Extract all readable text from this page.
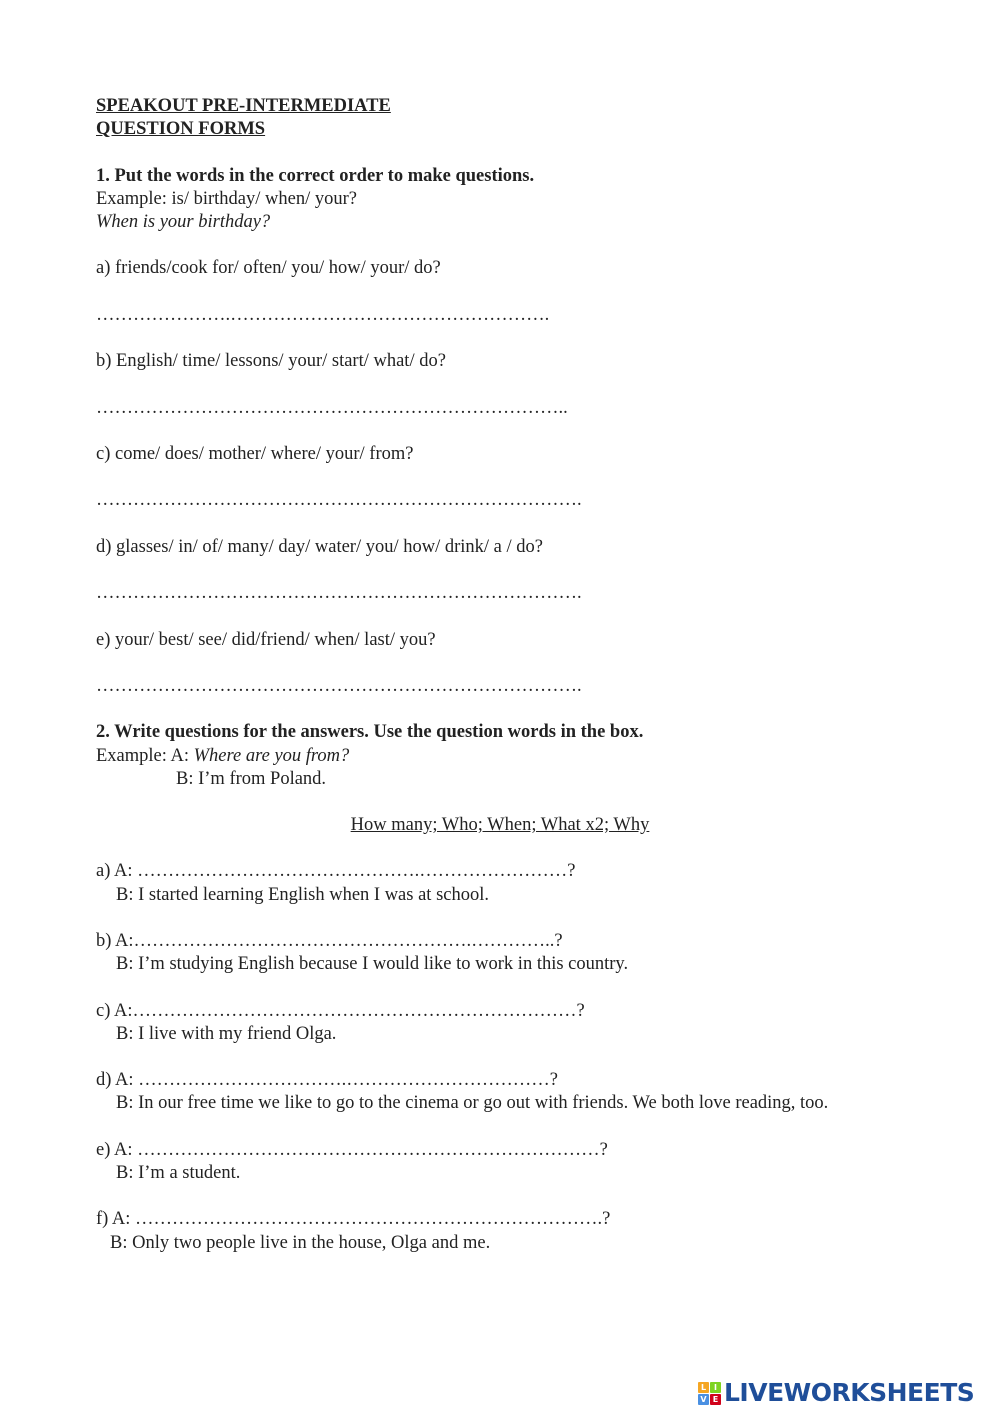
SPEAKOUT PRE-INTERMEDIATE
QUESTION FORMS
1. Put the words in the correct order to make questions.
Example: is/ birthday/ when/ your?
When is your birthday?
a) friends/cook for/ often/ you/ how/ your/ do?
………………….…………………………………………….
b) English/ time/ lessons/ your/ start/ what/ do?
…………………………………………………………………..
c) come/ does/ mother/ where/ your/ from?
…………………………………………………………………….
d) glasses/ in/ of/ many/ day/ water/ you/ how/ drink/ a / do?
…………………………………………………………………….
e) your/ best/ see/ did/friend/ when/ last/ you?
…………………………………………………………………….
2. Write questions for the answers. Use the question words in the box.
Example: A: Where are you from?
B: I’m from Poland.
How many; Who; When; What x2; Why
a) A: ……………………………………….……………………?
B: I started learning English when I was at school.
b) A:……………………………………………….…………..?
B: I’m studying English because I would like to work in this country.
c) A:………………………………………………………………?
B: I live with my friend Olga.
d) A: …………………………….……………………………?
B: In our free time we like to go to the cinema or go out with friends. We both love reading, too.
e) A: …………………………………………………………………?
B: I’m a student.
f) A: ………………………………………………………………….?
B: Only two people live in the house, Olga and me.
L I
V E LIVEWORKSHEETS
